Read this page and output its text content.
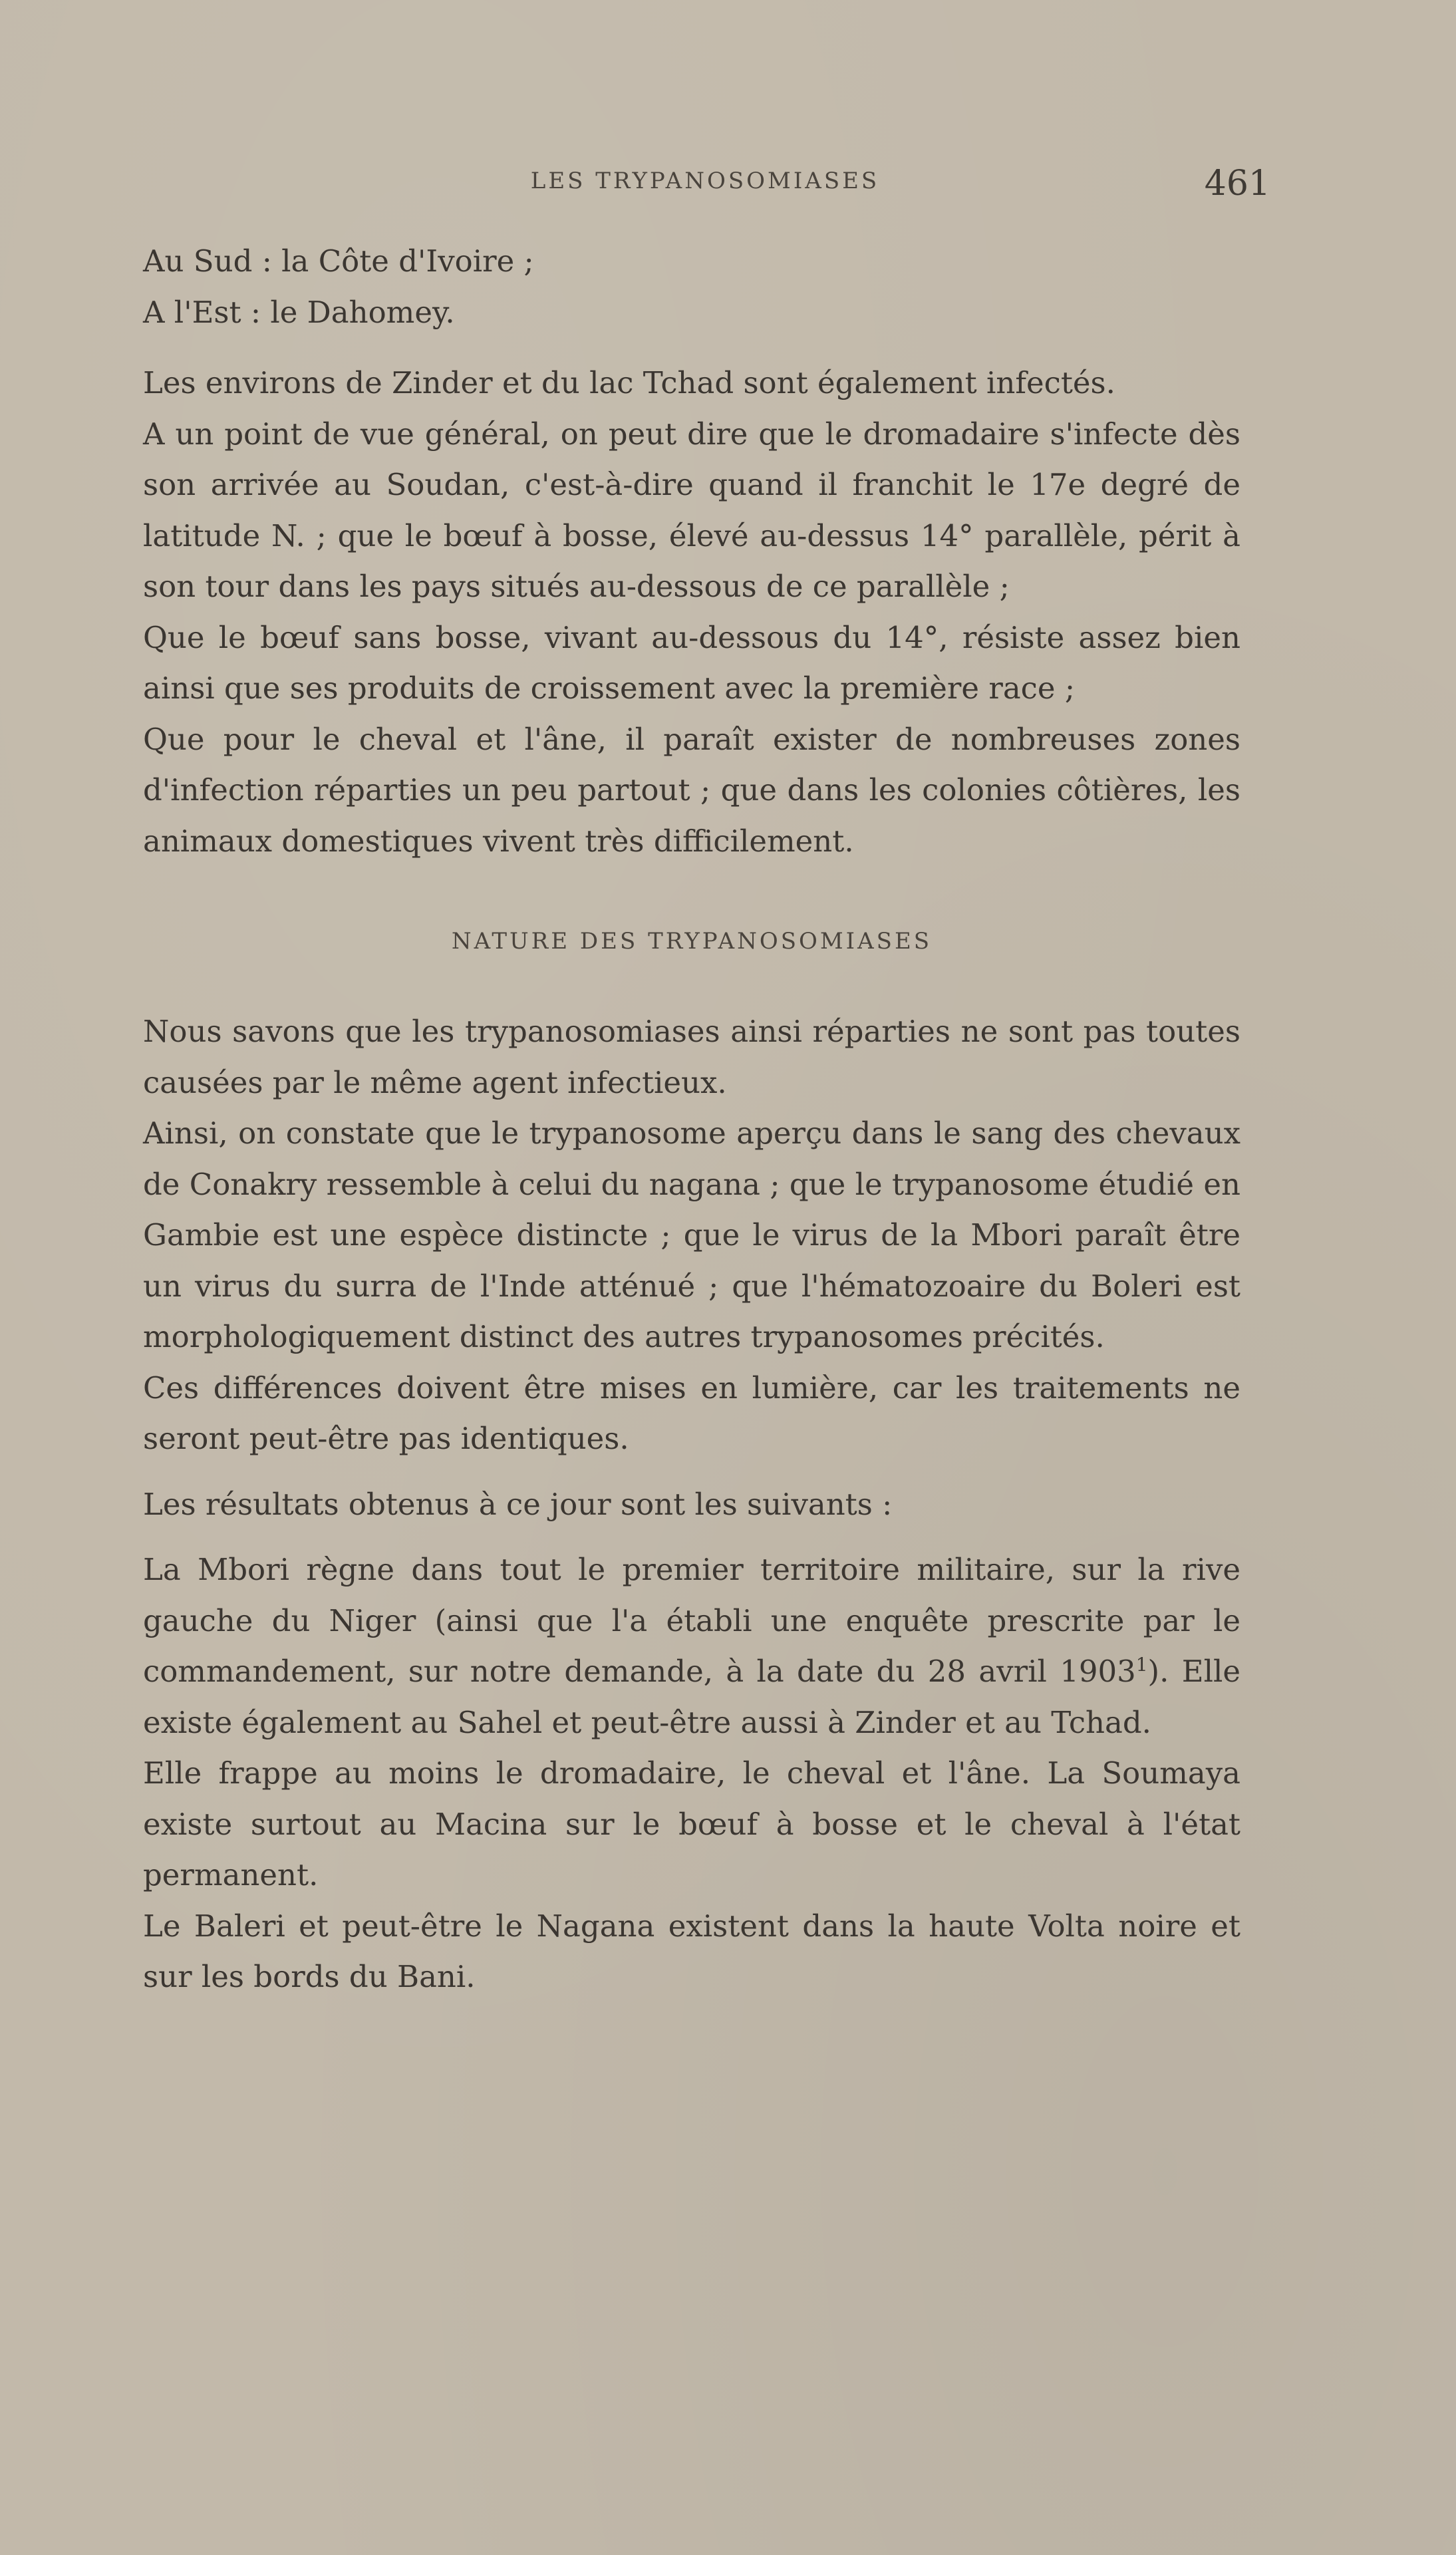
LES TRYPANOSOMIASES	461

Au Sud : la Côte d'Ivoire ;

A l'Est : le Dahomey.

Les environs de Zinder et du lac Tchad sont également infectés.

A un point de vue général, on peut dire que le dromadaire s'infecte dès son arrivée au Soudan, c'est-à-dire quand il franchit le 17e degré de latitude N. ; que le bœuf à bosse, élevé au-dessus 14° parallèle, périt à son tour dans les pays situés au-dessous de ce parallèle ;

Que le bœuf sans bosse, vivant au-dessous du 14°, résiste assez bien ainsi que ses produits de croissement avec la première race ;

Que pour le cheval et l'âne, il paraît exister de nombreuses zones d'infection réparties un peu partout ; que dans les colonies côtières, les animaux domestiques vivent très difficilement.

NATURE DES TRYPANOSOMIASES

Nous savons que les trypanosomiases ainsi réparties ne sont pas toutes causées par le même agent infectieux.

Ainsi, on constate que le trypanosome aperçu dans le sang des chevaux de Conakry ressemble à celui du nagana ; que le trypanosome étudié en Gambie est une espèce distincte ; que le virus de la Mbori paraît être un virus du surra de l'Inde atténué ; que l'hématozoaire du Boleri est morphologiquement distinct des autres trypanosomes précités.

Ces différences doivent être mises en lumière, car les traitements ne seront peut-être pas identiques.

Les résultats obtenus à ce jour sont les suivants :

La Mbori règne dans tout le premier territoire militaire, sur la rive gauche du Niger (ainsi que l'a établi une enquête prescrite par le commandement, sur notre demande, à la date du 28 avril 1903$^1$). Elle existe également au Sahel et peut-être aussi à Zinder et au Tchad.

Elle frappe au moins le dromadaire, le cheval et l'âne. La Soumaya existe surtout au Macina sur le bœuf à bosse et le cheval à l'état permanent.

Le Baleri et peut-être le Nagana existent dans la haute Volta noire et sur les bords du Bani.
